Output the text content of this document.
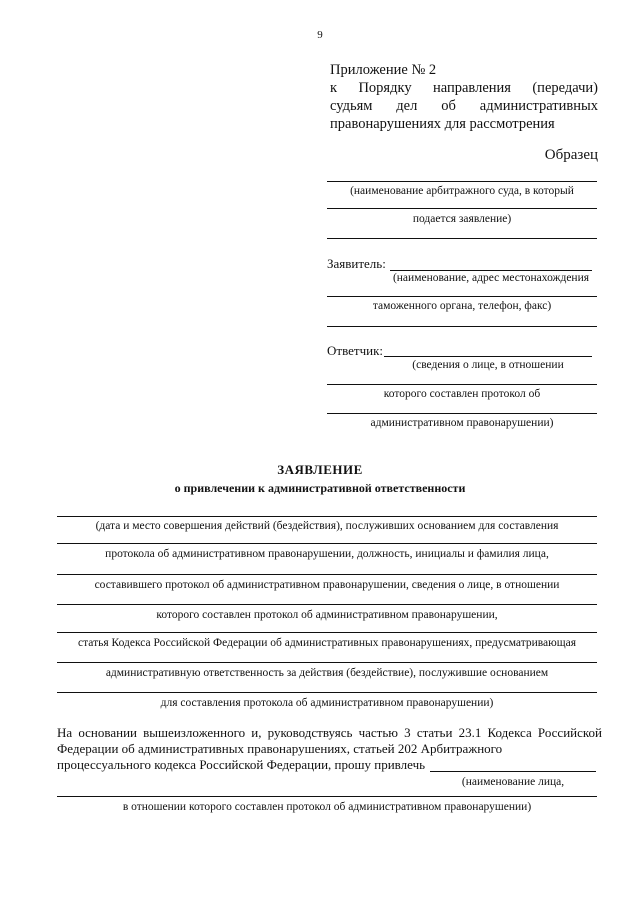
9
Приложение № 2
к Порядку направления (передачи)
судьям дел об административных
правонарушениях для рассмотрения
Образец
(наименование арбитражного суда, в который
подается заявление)
Заявитель:
(наименование, адрес местонахождения
таможенного органа, телефон, факс)
Ответчик:
(сведения о лице, в отношении
которого составлен протокол об
административном правонарушении)
ЗАЯВЛЕНИЕ
о привлечении к административной ответственности
(дата и место совершения действий (бездействия), послуживших основанием для составления
протокола об административном правонарушении, должность, инициалы и фамилия лица,
составившего протокол об административном правонарушении, сведения о лице, в отношении
которого составлен протокол об административном правонарушении,
статья Кодекса Российской Федерации об административных правонарушениях, предусматривающая
административную ответственность за действия (бездействие), послужившие основанием
для составления протокола об административном правонарушении)
На основании вышеизложенного и, руководствуясь частью 3 статьи 23.1 Кодекса Российской
Федерации об административных правонарушениях, статьей 202 Арбитражного
процессуального кодекса Российской Федерации, прошу привлечь
(наименование лица,
в отношении которого составлен протокол об административном правонарушении)
